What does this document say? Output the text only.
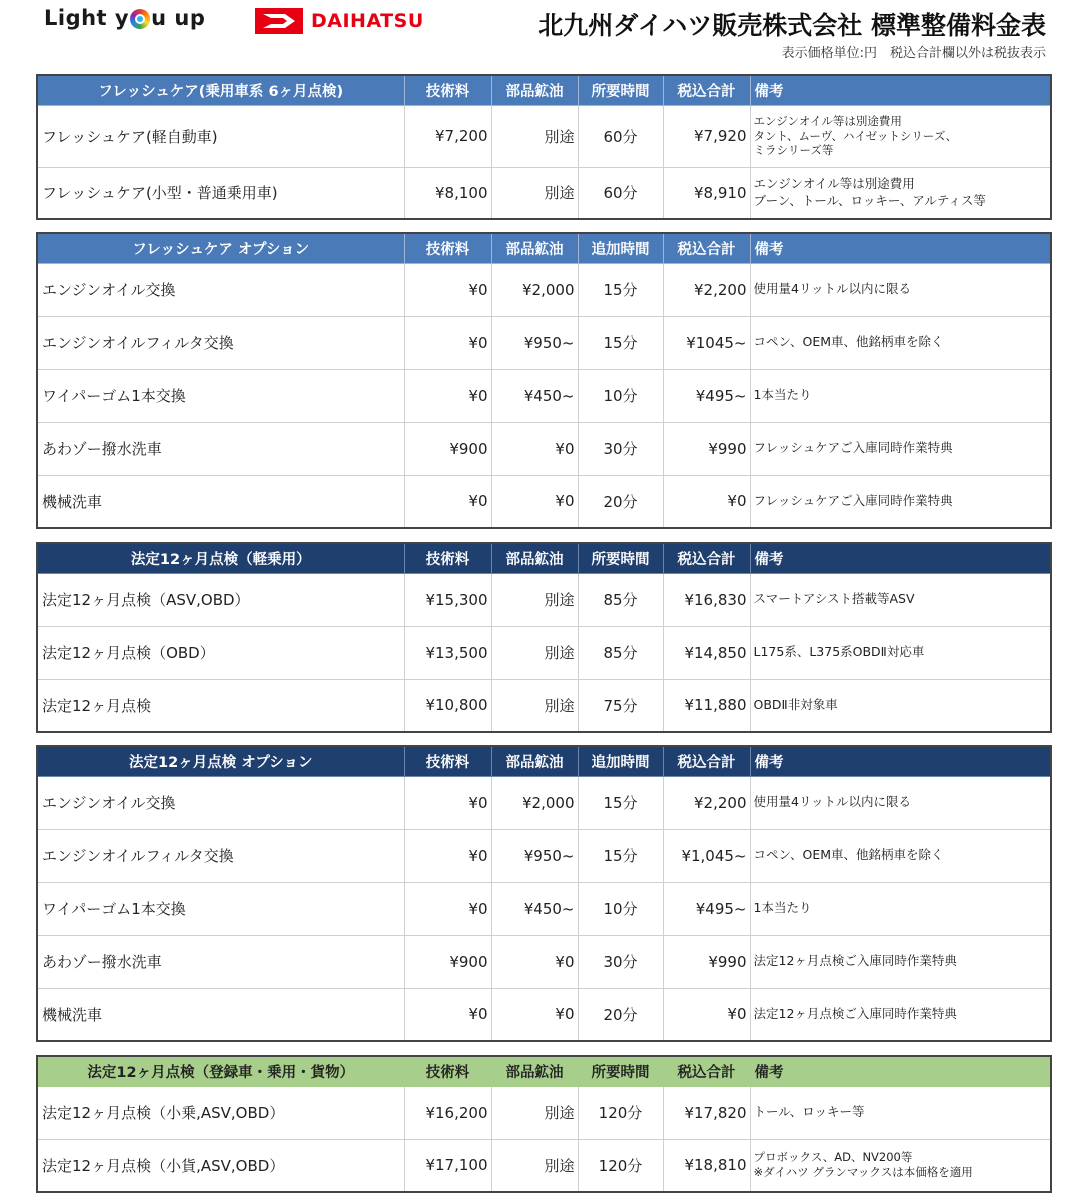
Light y u up	DAIHATSU	北九州ダイハツ販売株式会社 標準整備料金表
表示価格単位:円　税込合計欄以外は税抜表示
フレッシュケア(乗用車系 6ヶ月点検)	技術料	部品鉱油	所要時間	税込合計	備考
フレッシュケア(軽自動車)	¥7,200	別途	60分	¥7,920	エンジンオイル等は別途費用
タント、ムーヴ、ハイゼットシリーズ、
ミラシリーズ等

フレッシュケア(小型・普通乗用車)	¥8,100	別途	60分	¥8,910	エンジンオイル等は別途費用
ブーン、トール、ロッキー、アルティス等
フレッシュケア オプション	技術料	部品鉱油	追加時間	税込合計	備考
エンジンオイル交換	¥0	¥2,000	15分	¥2,200	使用量4リットル以内に限る
エンジンオイルフィルタ交換	¥0	¥950~	15分	¥1045~	コペン、OEM車、他銘柄車を除く
ワイパーゴム1本交換	¥0	¥450~	10分	¥495~	1本当たり
あわゾー撥水洗車	¥900	¥0	30分	¥990	フレッシュケアご入庫同時作業特典
機械洗車	¥0	¥0	20分	¥0	フレッシュケアご入庫同時作業特典
法定12ヶ月点検（軽乗用）	技術料	部品鉱油	所要時間	税込合計	備考
法定12ヶ月点検（ASV,OBD）	¥15,300	別途	85分	¥16,830	スマートアシスト搭載等ASV
法定12ヶ月点検（OBD）	¥13,500	別途	85分	¥14,850	L175系、L375系OBDⅡ対応車
法定12ヶ月点検	¥10,800	別途	75分	¥11,880	OBDⅡ非対象車
法定12ヶ月点検 オプション	技術料	部品鉱油	追加時間	税込合計	備考
エンジンオイル交換	¥0	¥2,000	15分	¥2,200	使用量4リットル以内に限る
エンジンオイルフィルタ交換	¥0	¥950~	15分	¥1,045~	コペン、OEM車、他銘柄車を除く
ワイパーゴム1本交換	¥0	¥450~	10分	¥495~	1本当たり
あわゾー撥水洗車	¥900	¥0	30分	¥990	法定12ヶ月点検ご入庫同時作業特典
機械洗車	¥0	¥0	20分	¥0	法定12ヶ月点検ご入庫同時作業特典
法定12ヶ月点検（登録車・乗用・貨物）	技術料	部品鉱油	所要時間	税込合計	備考
法定12ヶ月点検（小乗,ASV,OBD）	¥16,200	別途	120分	¥17,820	トール、ロッキー等
法定12ヶ月点検（小貨,ASV,OBD）	¥17,100	別途	120分	¥18,810	プロボックス、AD、NV200等
※ダイハツ グランマックスは本価格を適用
